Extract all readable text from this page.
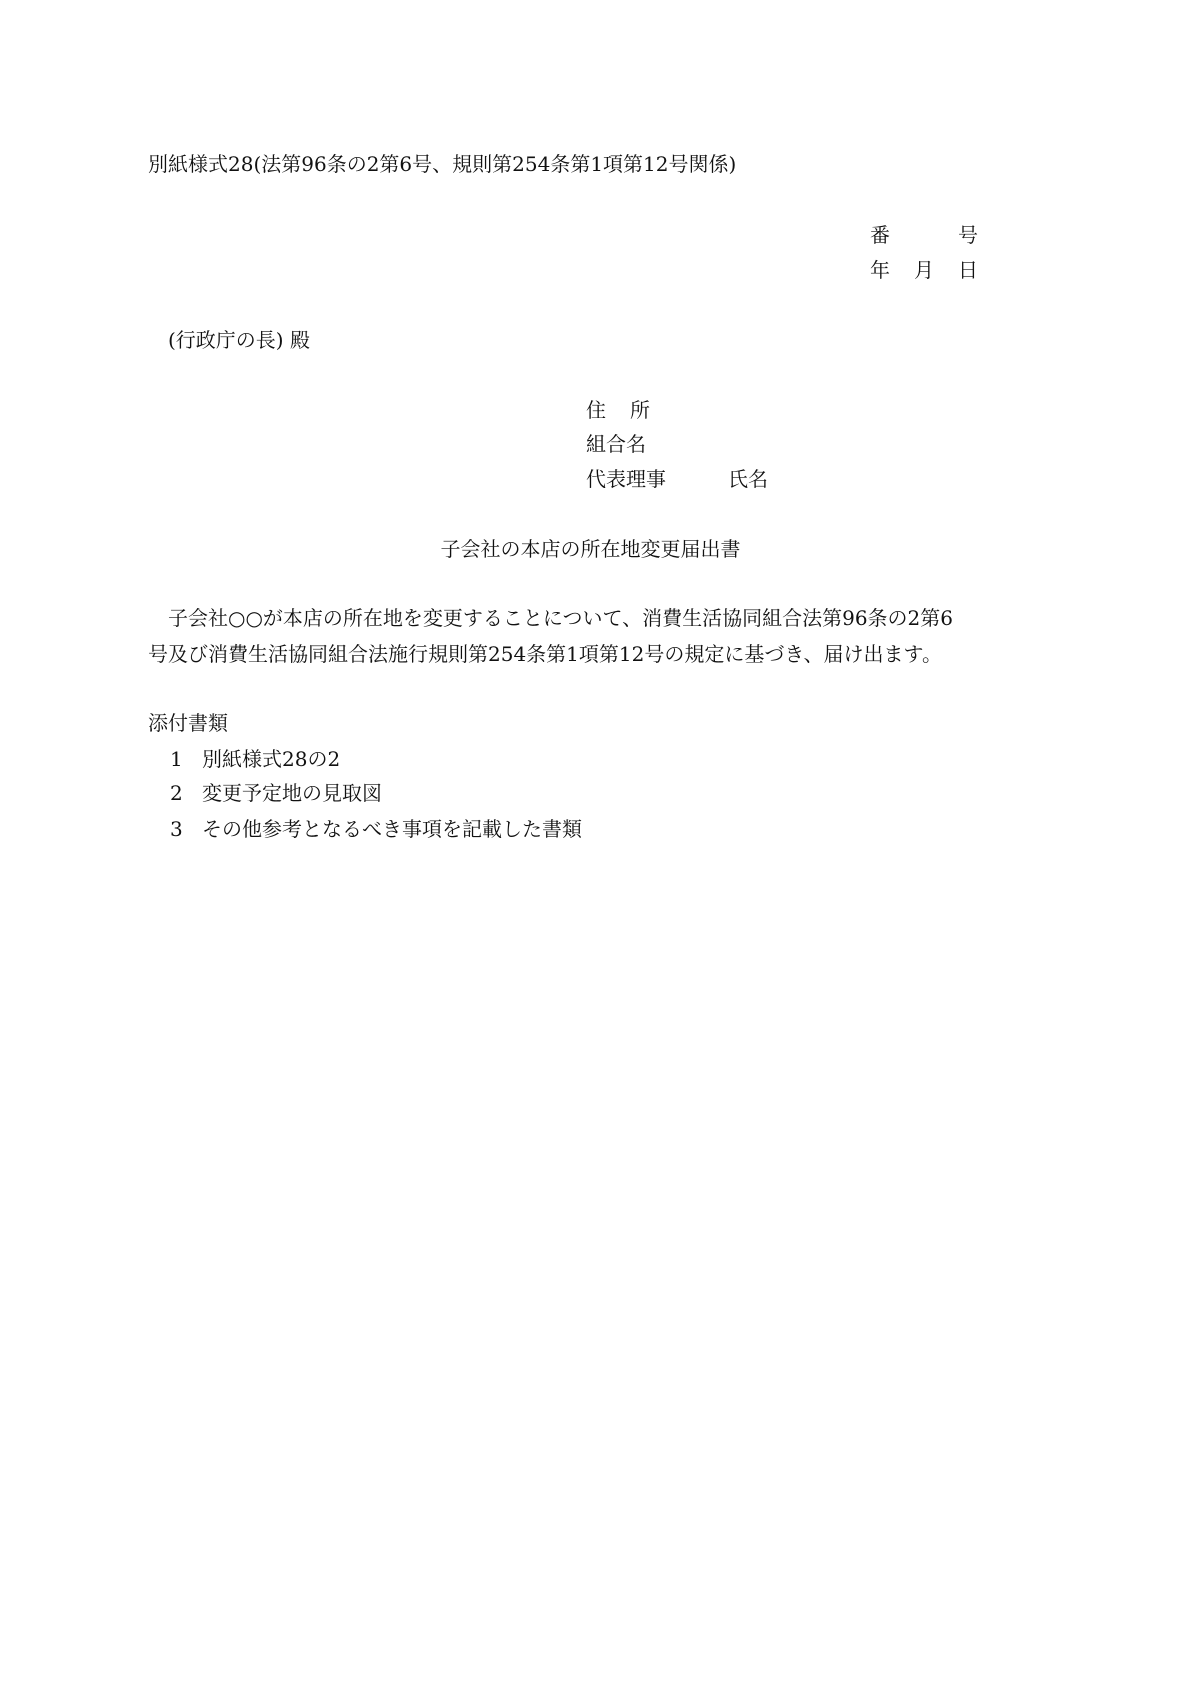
別紙様式28(法第96条の2第6号、規則第254条第1項第12号関係)
番	号
年 月 日
(行政庁の長) 殿
住 所
組合名
代表理事	氏名
子会社の本店の所在地変更届出書
子会社○○が本店の所在地を変更することについて、消費生活協同組合法第96条の2第6
号及び消費生活協同組合法施行規則第254条第1項第12号の規定に基づき、届け出ます。
添付書類
1 別紙様式28の2
2 変更予定地の見取図
3 その他参考となるべき事項を記載した書類
